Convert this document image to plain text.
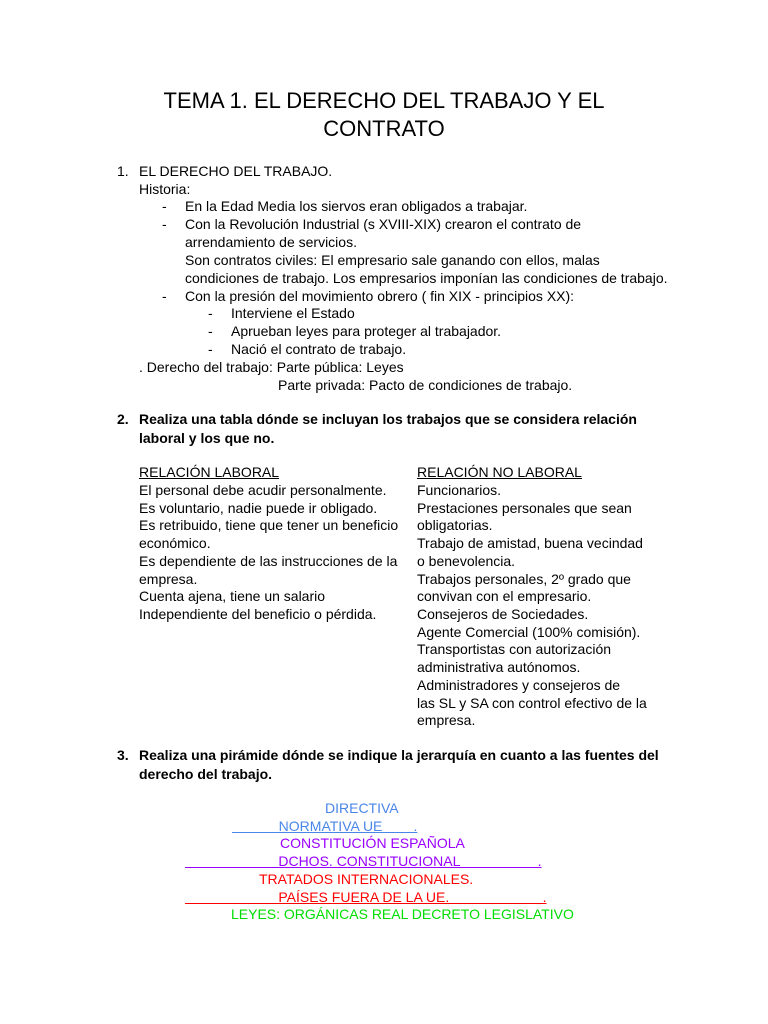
TEMA 1. EL DERECHO DEL TRABAJO Y EL
CONTRATO
1. EL DERECHO DEL TRABAJO.
Historia:
- En la Edad Media los siervos eran obligados a trabajar.
- Con la Revolución Industrial (s XVIII-XIX) crearon el contrato de
arrendamiento de servicios.
Son contratos civiles: El empresario sale ganando con ellos, malas
condiciones de trabajo. Los empresarios imponían las condiciones de trabajo.
- Con la presión del movimiento obrero ( fin XIX - principios XX):
- Interviene el Estado
- Aprueban leyes para proteger al trabajador.
- Nació el contrato de trabajo.
. Derecho del trabajo: Parte pública: Leyes
Parte privada: Pacto de condiciones de trabajo.
2. Realiza una tabla dónde se incluyan los trabajos que se considera relación
laboral y los que no.
RELACIÓN LABORAL
El personal debe acudir personalmente.
Es voluntario, nadie puede ir obligado.
Es retribuido, tiene que tener un beneficio
económico.
Es dependiente de las instrucciones de la
empresa.
Cuenta ajena, tiene un salario
Independiente del beneficio o pérdida.
RELACIÓN NO LABORAL
Funcionarios.
Prestaciones personales que sean
obligatorias.
Trabajo de amistad, buena vecindad
o benevolencia.
Trabajos personales, 2º grado que
convivan con el empresario.
Consejeros de Sociedades.
Agente Comercial (100% comisión).
Transportistas con autorización
administrativa autónomos.
Administradores y consejeros de
las SL y SA con control efectivo de la
empresa.
3. Realiza una pirámide dónde se indique la jerarquía en cuanto a las fuentes del
derecho del trabajo.
DIRECTIVA
NORMATIVA UE        .
CONSTITUCIÓN ESPAÑOLA
DCHOS. CONSTITUCIONAL                    .
TRATADOS INTERNACIONALES.
PAÍSES FUERA DE LA UE.                        .
LEYES: ORGÁNICAS REAL DECRETO LEGISLATIVO
